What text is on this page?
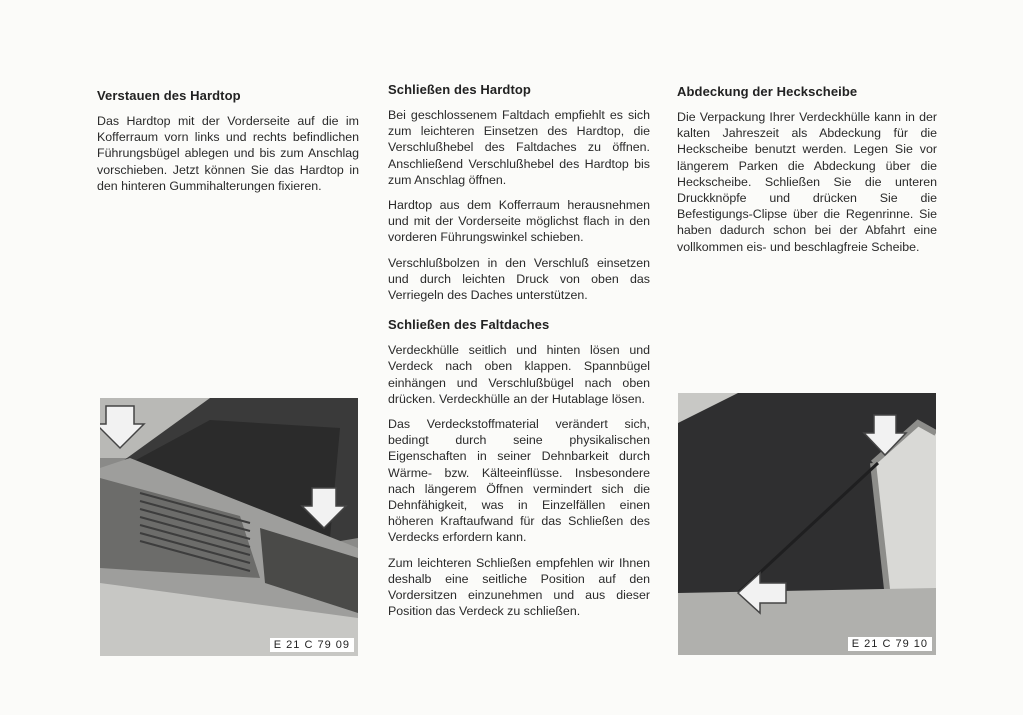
Verstauen des Hardtop

Das Hardtop mit der Vorderseite auf die im Kofferraum vorn links und rechts befindlichen Führungsbügel ablegen und bis zum Anschlag vorschieben. Jetzt können Sie das Hardtop in den hinteren Gummihalterungen fixieren.

Schließen des Hardtop

Bei geschlossenem Faltdach empfiehlt es sich zum leichteren Einsetzen des Hardtop, die Verschlußhebel des Faltdaches zu öffnen. Anschließend Verschlußhebel des Hardtop bis zum Anschlag öffnen.

Hardtop aus dem Kofferraum herausnehmen und mit der Vorderseite möglichst flach in den vorderen Führungswinkel schieben.

Verschlußbolzen in den Verschluß einsetzen und durch leichten Druck von oben das Verriegeln des Daches unterstützen.

Schließen des Faltdaches

Verdeckhülle seitlich und hinten lösen und Verdeck nach oben klappen. Spannbügel einhängen und Verschlußbügel nach oben drücken. Verdeckhülle an der Hutablage lösen.

Das Verdeckstoffmaterial verändert sich, bedingt durch seine physikalischen Eigenschaften in seiner Dehnbarkeit durch Wärme- bzw. Kälteeinflüsse. Insbesondere nach längerem Öffnen vermindert sich die Dehnfähigkeit, was in Einzelfällen einen höheren Kraftaufwand für das Schließen des Verdecks erfordern kann.

Zum leichteren Schließen empfehlen wir Ihnen deshalb eine seitliche Position auf den Vordersitzen einzunehmen und aus dieser Position das Verdeck zu schließen.

Abdeckung der Heckscheibe

Die Verpackung Ihrer Verdeckhülle kann in der kalten Jahreszeit als Abdeckung für die Heckscheibe benutzt werden. Legen Sie vor längerem Parken die Abdeckung über die Heckscheibe. Schließen Sie die unteren Druckknöpfe und drücken Sie die Befestigungs-Clipse über die Regenrinne. Sie haben dadurch schon bei der Abfahrt eine vollkommen eis- und beschlagfreie Scheibe.

E 21 C 79 09	E 21 C 79 10
